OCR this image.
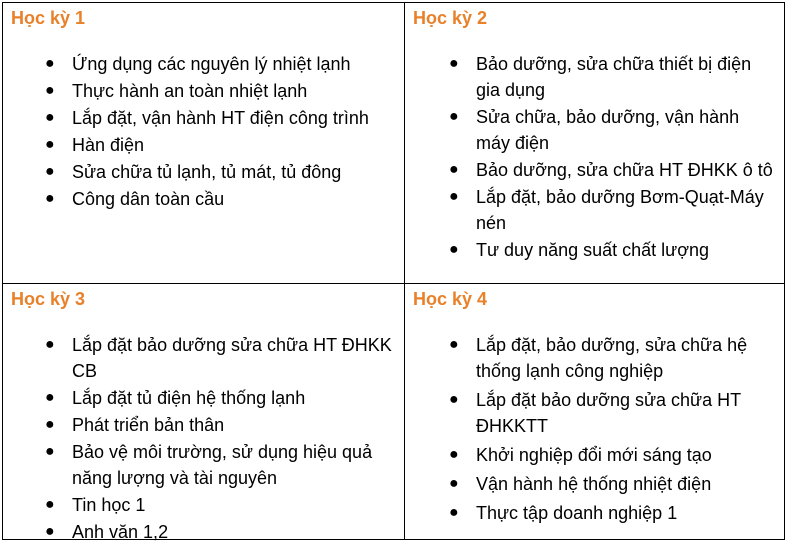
Học kỳ 1
● Ứng dụng các nguyên lý nhiệt lạnh
● Thực hành an toàn nhiệt lạnh
● Lắp đặt, vận hành HT điện công trình
● Hàn điện
● Sửa chữa tủ lạnh, tủ mát, tủ đông
● Công dân toàn cầu
Học kỳ 2
● Bảo dưỡng, sửa chữa thiết bị điện gia dụng
● Sửa chữa, bảo dưỡng, vận hành máy điện
● Bảo dưỡng, sửa chữa HT ĐHKK ô tô
● Lắp đặt, bảo dưỡng Bơm-Quạt-Máy nén
● Tư duy năng suất chất lượng
Học kỳ 3
● Lắp đặt bảo dưỡng sửa chữa HT ĐHKK CB
● Lắp đặt tủ điện hệ thống lạnh
● Phát triển bản thân
● Bảo vệ môi trường, sử dụng hiệu quả năng lượng và tài nguyên
● Tin học 1
● Anh văn 1,2
Học kỳ 4
● Lắp đặt, bảo dưỡng, sửa chữa hệ thống lạnh công nghiệp
● Lắp đặt bảo dưỡng sửa chữa HT ĐHKKTT
● Khởi nghiệp đổi mới sáng tạo
● Vận hành hệ thống nhiệt điện
● Thực tập doanh nghiệp 1
